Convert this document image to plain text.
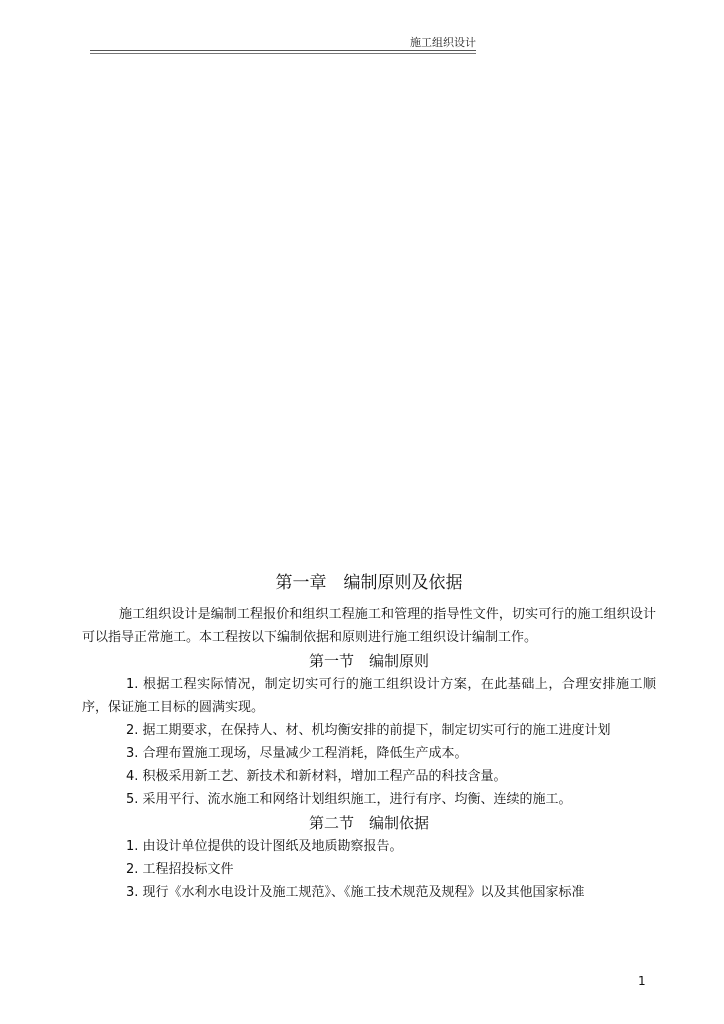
施工组织设计
第一章　编制原则及依据

施工组织设计是编制工程报价和组织工程施工和管理的指导性文件，切实可行的施工组织设计可以指导正常施工。本工程按以下编制依据和原则进行施工组织设计编制工作。

第一节　编制原则

1. 根据工程实际情况，制定切实可行的施工组织设计方案，在此基础上，合理安排施工顺序，保证施工目标的圆满实现。

2. 据工期要求，在保持人、材、机均衡安排的前提下，制定切实可行的施工进度计划

3. 合理布置施工现场，尽量减少工程消耗，降低生产成本。

4. 积极采用新工艺、新技术和新材料，增加工程产品的科技含量。

5. 采用平行、流水施工和网络计划组织施工，进行有序、均衡、连续的施工。

第二节　编制依据

1. 由设计单位提供的设计图纸及地质勘察报告。

2. 工程招投标文件

3. 现行《水利水电设计及施工规范》、《施工技术规范及规程》以及其他国家标准

1
